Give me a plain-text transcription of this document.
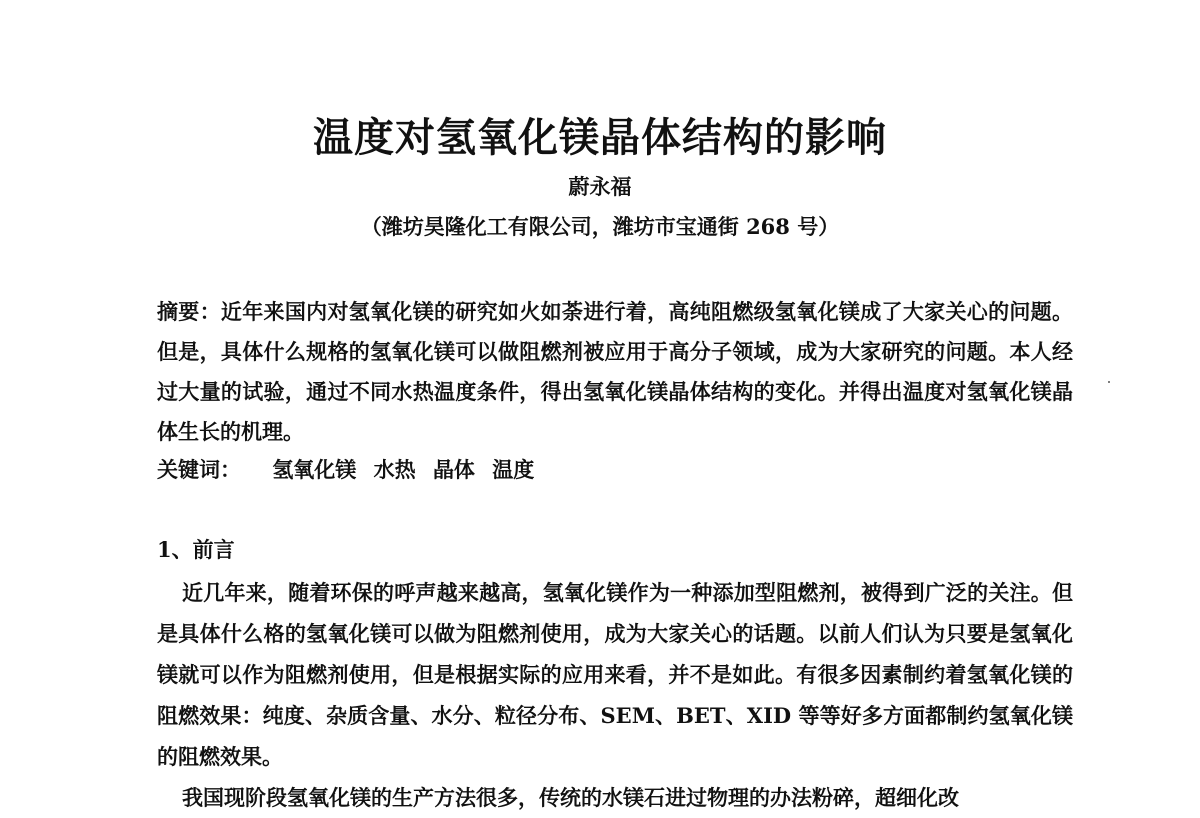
温度对氢氧化镁晶体结构的影响
蔚永福
（潍坊昊隆化工有限公司，潍坊市宝通街 268 号）
摘要：近年来国内对氢氧化镁的研究如火如荼进行着，高纯阻燃级氢氧化镁成了大家关心的问题。但是，具体什么规格的氢氧化镁可以做阻燃剂被应用于高分子领域，成为大家研究的问题。本人经过大量的试验，通过不同水热温度条件，得出氢氧化镁晶体结构的变化。并得出温度对氢氧化镁晶体生长的机理。
关键词： 氢氧化镁 水热 晶体 温度
1、前言
近几年来，随着环保的呼声越来越高，氢氧化镁作为一种添加型阻燃剂，被得到广泛的关注。但是具体什么格的氢氧化镁可以做为阻燃剂使用，成为大家关心的话题。以前人们认为只要是氢氧化镁就可以作为阻燃剂使用，但是根据实际的应用来看，并不是如此。有很多因素制约着氢氧化镁的阻燃效果：纯度、杂质含量、水分、粒径分布、SEM、BET、XID 等等好多方面都制约氢氧化镁的阻燃效果。
我国现阶段氢氧化镁的生产方法很多，传统的水镁石进过物理的办法粉碎，超细化改
